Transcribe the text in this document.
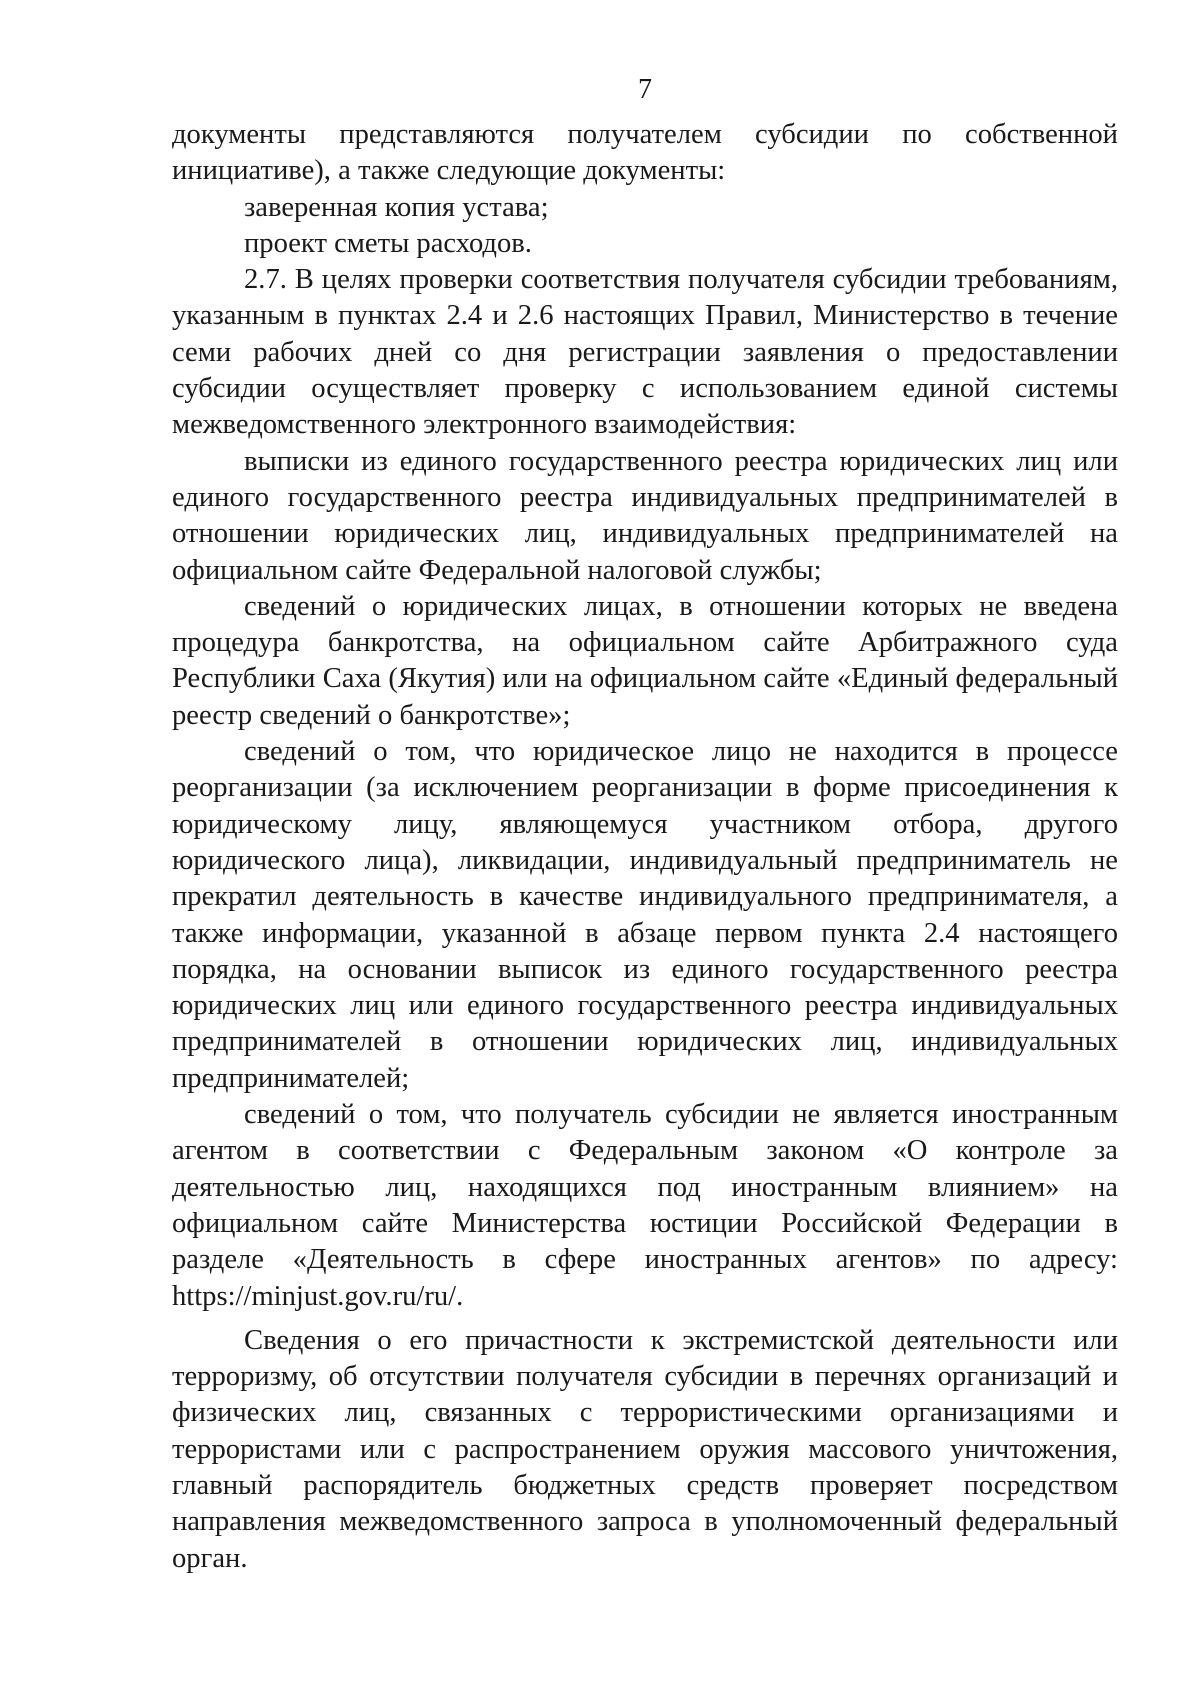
7

документы представляются получателем субсидии по собственной инициативе), а также следующие документы:

заверенная копия устава;

проект сметы расходов.

2.7. В целях проверки соответствия получателя субсидии требованиям, указанным в пунктах 2.4 и 2.6 настоящих Правил, Министерство в течение семи рабочих дней со дня регистрации заявления о предоставлении субсидии осуществляет проверку с использованием единой системы межведомственного электронного взаимодействия:

выписки из единого государственного реестра юридических лиц или единого государственного реестра индивидуальных предпринимателей в отношении юридических лиц, индивидуальных предпринимателей на официальном сайте Федеральной налоговой службы;

сведений о юридических лицах, в отношении которых не введена процедура банкротства, на официальном сайте Арбитражного суда Республики Саха (Якутия) или на официальном сайте «Единый федеральный реестр сведений о банкротстве»;

сведений о том, что юридическое лицо не находится в процессе реорганизации (за исключением реорганизации в форме присоединения к юридическому лицу, являющемуся участником отбора, другого юридического лица), ликвидации, индивидуальный предприниматель не прекратил деятельность в качестве индивидуального предпринимателя, а также информации, указанной в абзаце первом пункта 2.4 настоящего порядка, на основании выписок из единого государственного реестра юридических лиц или единого государственного реестра индивидуальных предпринимателей в отношении юридических лиц, индивидуальных предпринимателей;

сведений о том, что получатель субсидии не является иностранным агентом в соответствии с Федеральным законом «О контроле за деятельностью лиц, находящихся под иностранным влиянием» на официальном сайте Министерства юстиции Российской Федерации в разделе «Деятельность в сфере иностранных агентов» по адресу: https://minjust.gov.ru/ru/.

Сведения о его причастности к экстремистской деятельности или терроризму, об отсутствии получателя субсидии в перечнях организаций и физических лиц, связанных с террористическими организациями и террористами или с распространением оружия массового уничтожения, главный распорядитель бюджетных средств проверяет посредством направления межведомственного запроса в уполномоченный федеральный орган.
